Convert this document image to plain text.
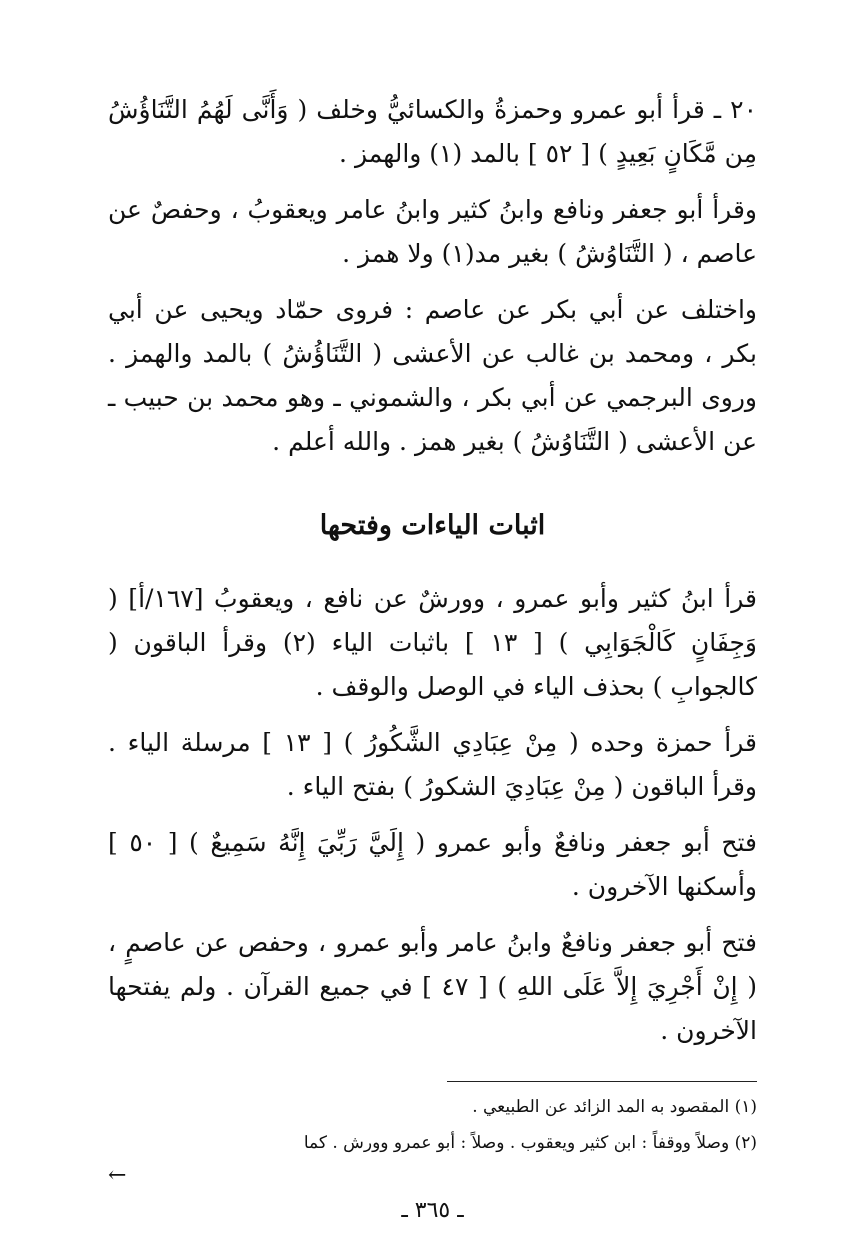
٢٠ ـ قرأ أبو عمرو وحمزةُ والكسائيُّ وخلف ( وَأَنَّى لَهُمُ التَّنَاؤُشُ مِن مَّكَانٍ بَعِيدٍ ) [ ٥٢ ] بالمد (١) والهمز .

وقرأ أبو جعفر ونافع وابنُ كثير وابنُ عامر ويعقوبُ ، وحفصٌ عن عاصم ، ( التَّنَاوُشُ ) بغير مد(١) ولا همز .

واختلف عن أبي بكر عن عاصم : فروى حمّاد ويحيى عن أبي بكر ، ومحمد بن غالب عن الأعشى ( التَّنَاؤُشُ ) بالمد والهمز . وروى البرجمي عن أبي بكر ، والشموني ـ وهو محمد بن حبيب ـ عن الأعشى ( التَّنَاوُشُ ) بغير همز . والله أعلم .

اثبات الياءات وفتحها

قرأ ابنُ كثير وأبو عمرو ، وورشٌ عن نافع ، ويعقوبُ [١٦٧/أ] ( وَجِفَانٍ كَالْجَوَابِي ) [ ١٣ ] باثبات الياء (٢) وقرأ الباقون ( كالجوابِ ) بحذف الياء في الوصل والوقف .

قرأ حمزة وحده ( مِنْ عِبَادِي الشَّكُورُ ) [ ١٣ ] مرسلة الياء . وقرأ الباقون ( مِنْ عِبَادِيَ الشكورُ ) بفتح الياء .

فتح أبو جعفر ونافعٌ وأبو عمرو ( إِلَيَّ رَبِّيَ إِنَّهُ سَمِيعٌ ) [ ٥٠ ] وأسكنها الآخرون .

فتح أبو جعفر ونافعٌ وابنُ عامر وأبو عمرو ، وحفص عن عاصمٍ ، ( إِنْ أَجْرِيَ إِلاَّ عَلَى اللهِ ) [ ٤٧ ] في جميع القرآن . ولم يفتحها الآخرون .

(١) المقصود به المد الزائد عن الطبيعي .

(٢) وصلاً ووقفاً : ابن كثير ويعقوب . وصلاً : أبو عمرو وورش . كما

←
ـ ٣٦٥ ـ
